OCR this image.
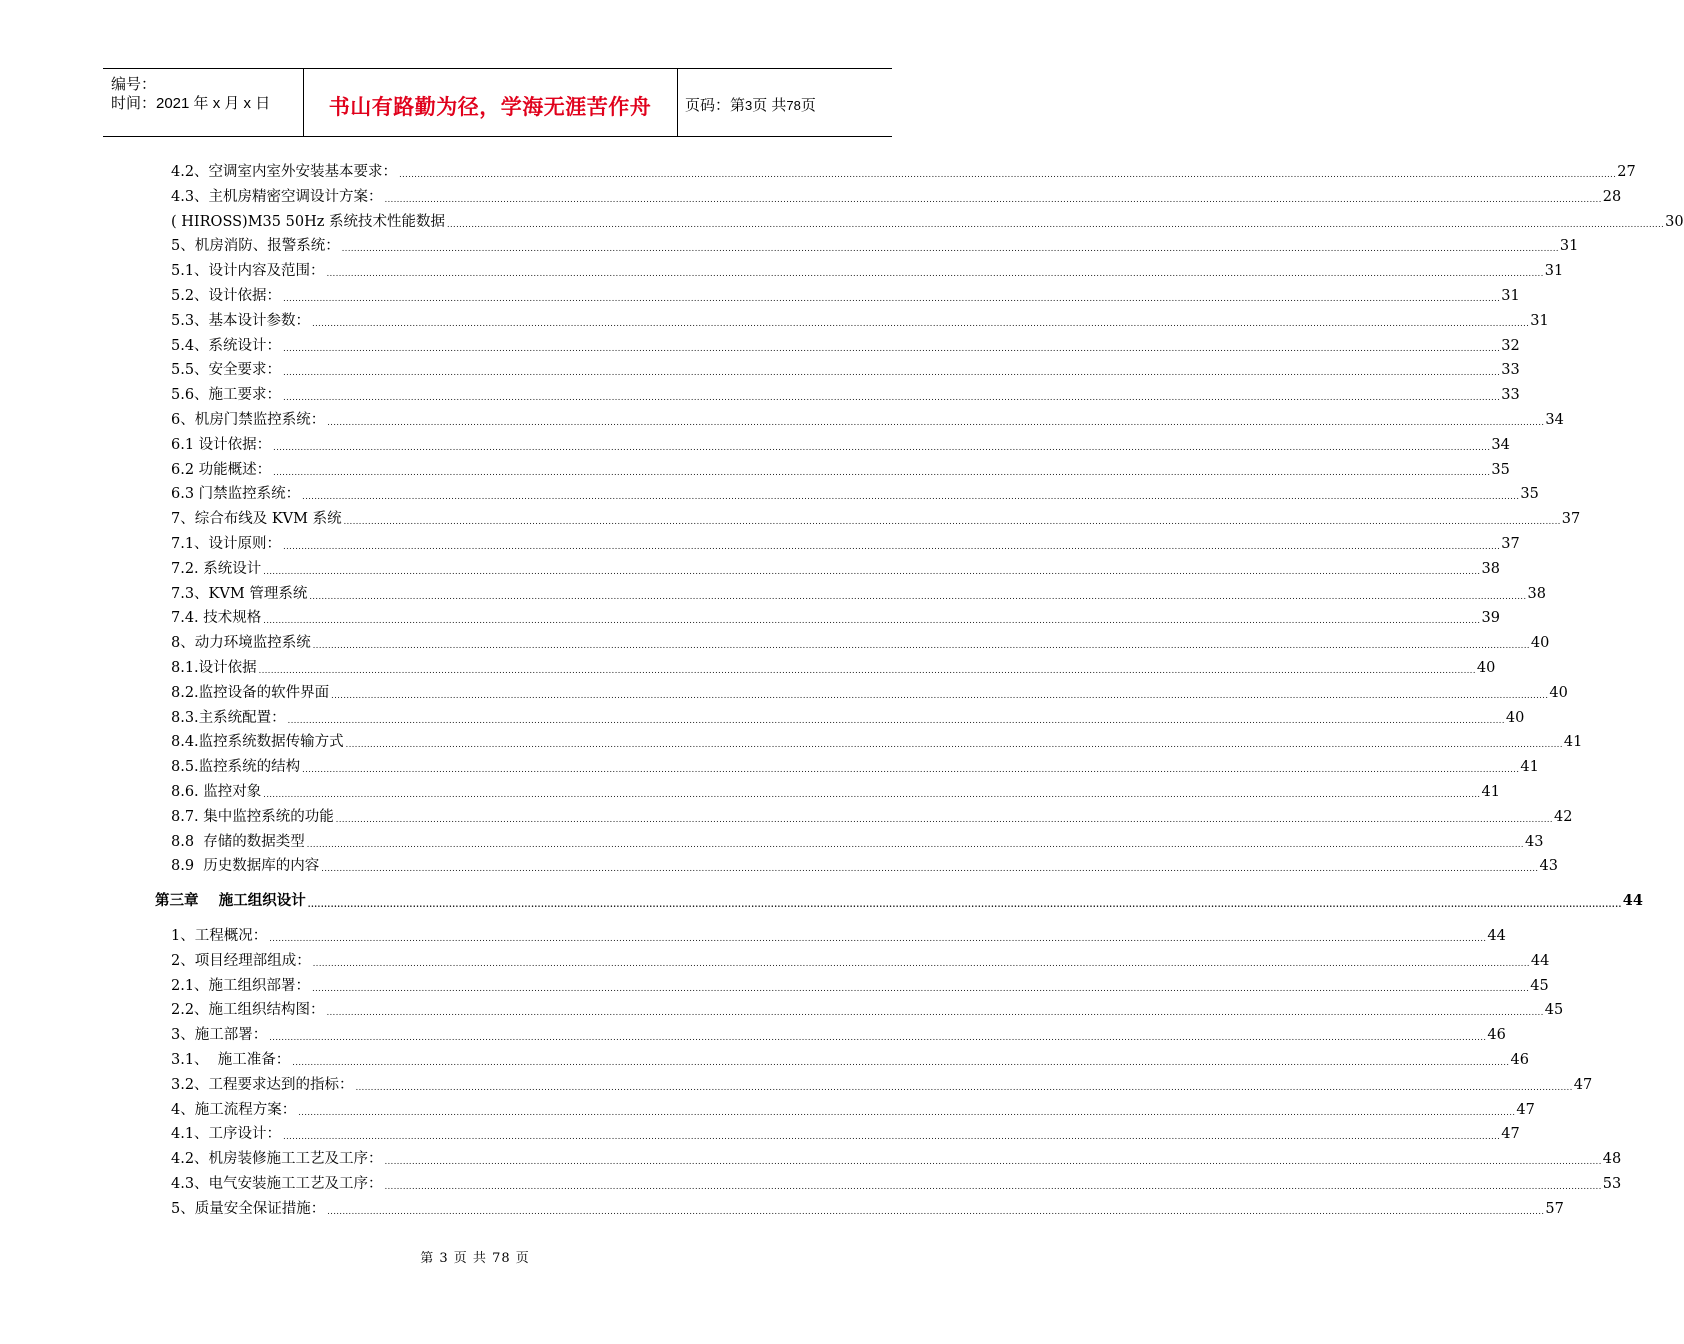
编号：
时间：2021 年 x 月 x 日	书山有路勤为径，学海无涯苦作舟	页码：第3页 共78页
4.2、空调室内室外安装基本要求： ................................................................................................................................................................................................................................................................................................................................................................................................................ 27
4.3、主机房精密空调设计方案： ................................................................................................................................................................................................................................................................................................................................................................................................................ 28
( HIROSS)M35 50Hz 系统技术性能数据 ................................................................................................................................................................................................................................................................................................................................................................................................................ 30
5、机房消防、报警系统： ................................................................................................................................................................................................................................................................................................................................................................................................................ 31
5.1、设计内容及范围： ................................................................................................................................................................................................................................................................................................................................................................................................................ 31
5.2、设计依据： ................................................................................................................................................................................................................................................................................................................................................................................................................ 31
5.3、基本设计参数： ................................................................................................................................................................................................................................................................................................................................................................................................................ 31
5.4、系统设计： ................................................................................................................................................................................................................................................................................................................................................................................................................ 32
5.5、安全要求： ................................................................................................................................................................................................................................................................................................................................................................................................................ 33
5.6、施工要求： ................................................................................................................................................................................................................................................................................................................................................................................................................ 33
6、机房门禁监控系统： ................................................................................................................................................................................................................................................................................................................................................................................................................ 34
6.1 设计依据： ................................................................................................................................................................................................................................................................................................................................................................................................................ 34
6.2 功能概述： ................................................................................................................................................................................................................................................................................................................................................................................................................ 35
6.3 门禁监控系统： ................................................................................................................................................................................................................................................................................................................................................................................................................ 35
7、综合布线及 KVM 系统 ................................................................................................................................................................................................................................................................................................................................................................................................................ 37
7.1、设计原则： ................................................................................................................................................................................................................................................................................................................................................................................................................ 37
7.2. 系统设计 ................................................................................................................................................................................................................................................................................................................................................................................................................ 38
7.3、KVM 管理系统 ................................................................................................................................................................................................................................................................................................................................................................................................................ 38
7.4. 技术规格 ................................................................................................................................................................................................................................................................................................................................................................................................................ 39
8、动力环境监控系统 ................................................................................................................................................................................................................................................................................................................................................................................................................ 40
8.1.设计依据 ................................................................................................................................................................................................................................................................................................................................................................................................................ 40
8.2.监控设备的软件界面 ................................................................................................................................................................................................................................................................................................................................................................................................................ 40
8.3.主系统配置： ................................................................................................................................................................................................................................................................................................................................................................................................................ 40
8.4.监控系统数据传输方式 ................................................................................................................................................................................................................................................................................................................................................................................................................ 41
8.5.监控系统的结构 ................................................................................................................................................................................................................................................................................................................................................................................................................ 41
8.6. 监控对象 ................................................................................................................................................................................................................................................................................................................................................................................................................ 41
8.7. 集中监控系统的功能 ................................................................................................................................................................................................................................................................................................................................................................................................................ 42
8.8  存储的数据类型 ................................................................................................................................................................................................................................................................................................................................................................................................................ 43
8.9  历史数据库的内容 ................................................................................................................................................................................................................................................................................................................................................................................................................ 43
第三章    施工组织设计 ................................................................................................................................................................................................................................................................................................................................................................................................................ 44
1、工程概况： ................................................................................................................................................................................................................................................................................................................................................................................................................ 44
2、项目经理部组成： ................................................................................................................................................................................................................................................................................................................................................................................................................ 44
2.1、施工组织部署： ................................................................................................................................................................................................................................................................................................................................................................................................................ 45
2.2、施工组织结构图： ................................................................................................................................................................................................................................................................................................................................................................................................................ 45
3、施工部署： ................................................................................................................................................................................................................................................................................................................................................................................................................ 46
3.1、  施工准备： ................................................................................................................................................................................................................................................................................................................................................................................................................ 46
3.2、工程要求达到的指标： ................................................................................................................................................................................................................................................................................................................................................................................................................ 47
4、施工流程方案： ................................................................................................................................................................................................................................................................................................................................................................................................................ 47
4.1、工序设计： ................................................................................................................................................................................................................................................................................................................................................................................................................ 47
4.2、机房装修施工工艺及工序： ................................................................................................................................................................................................................................................................................................................................................................................................................ 48
4.3、电气安装施工工艺及工序： ................................................................................................................................................................................................................................................................................................................................................................................................................ 53
5、质量安全保证措施： ................................................................................................................................................................................................................................................................................................................................................................................................................ 57
第 3 页 共 78 页
